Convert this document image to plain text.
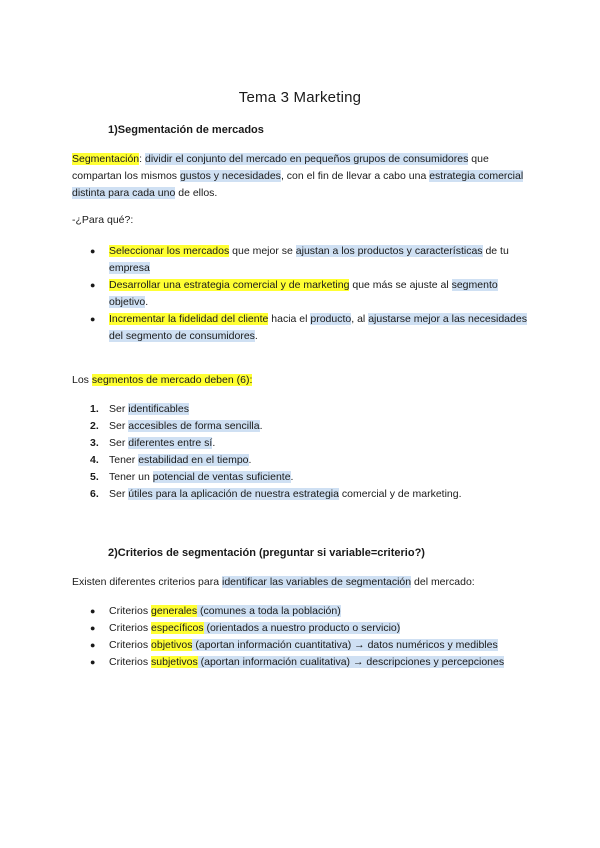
Tema 3 Marketing
1)Segmentación de mercados
Segmentación: dividir el conjunto del mercado en pequeños grupos de consumidores que compartan los mismos gustos y necesidades, con el fin de llevar a cabo una estrategia comercial distinta para cada uno de ellos.
-¿Para qué?:
● Seleccionar los mercados que mejor se ajustan a los productos y características de tu empresa
● Desarrollar una estrategia comercial y de marketing que más se ajuste al segmento objetivo.
● Incrementar la fidelidad del cliente hacia el producto, al ajustarse mejor a las necesidades del segmento de consumidores.
Los segmentos de mercado deben (6):
1. Ser identificables
2. Ser accesibles de forma sencilla.
3. Ser diferentes entre sí.
4. Tener estabilidad en el tiempo.
5. Tener un potencial de ventas suficiente.
6. Ser útiles para la aplicación de nuestra estrategia comercial y de marketing.
2)Criterios de segmentación (preguntar si variable=criterio?)
Existen diferentes criterios para identificar las variables de segmentación del mercado:
● Criterios generales (comunes a toda la población)
● Criterios específicos (orientados a nuestro producto o servicio)
● Criterios objetivos (aportan información cuantitativa) → datos numéricos y medibles
● Criterios subjetivos (aportan información cualitativa) → descripciones y percepciones
